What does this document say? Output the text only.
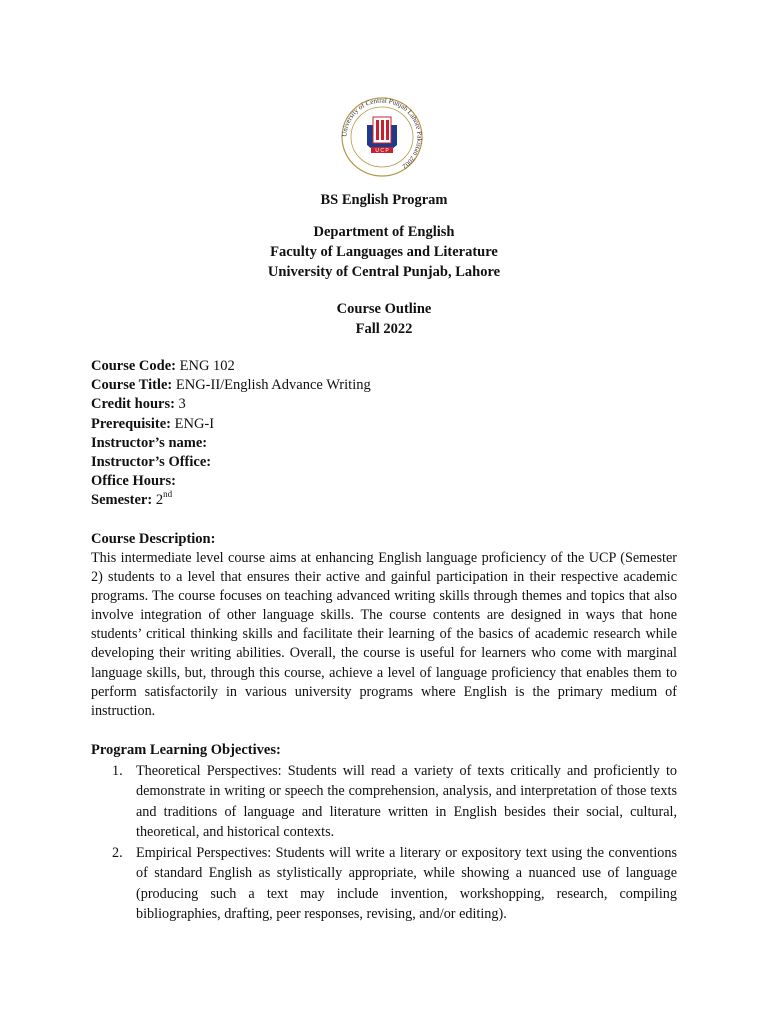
University of Central Punjab Lahore Pakistan 2002
U C P
BS English Program
Department of English
Faculty of Languages and Literature
University of Central Punjab, Lahore
Course Outline
Fall 2022
Course Code: ENG 102
Course Title: ENG-II/English Advance Writing
Credit hours: 3
Prerequisite: ENG-I
Instructor’s name:
Instructor’s Office:
Office Hours:
Semester: 2nd
Course Description:
This intermediate level course aims at enhancing English language proficiency of the UCP (Semester 2) students to a level that ensures their active and gainful participation in their respective academic programs. The course focuses on teaching advanced writing skills through themes and topics that also involve integration of other language skills. The course contents are designed in ways that hone students’ critical thinking skills and facilitate their learning of the basics of academic research while developing their writing abilities. Overall, the course is useful for learners who come with marginal language skills, but, through this course, achieve a level of language proficiency that enables them to perform satisfactorily in various university programs where English is the primary medium of instruction.
Program Learning Objectives:
1. Theoretical Perspectives: Students will read a variety of texts critically and proficiently to demonstrate in writing or speech the comprehension, analysis, and interpretation of those texts and traditions of language and literature written in English besides their social, cultural, theoretical, and historical contexts.
2. Empirical Perspectives: Students will write a literary or expository text using the conventions of standard English as stylistically appropriate, while showing a nuanced use of language (producing such a text may include invention, workshopping, research, compiling bibliographies, drafting, peer responses, revising, and/or editing).
